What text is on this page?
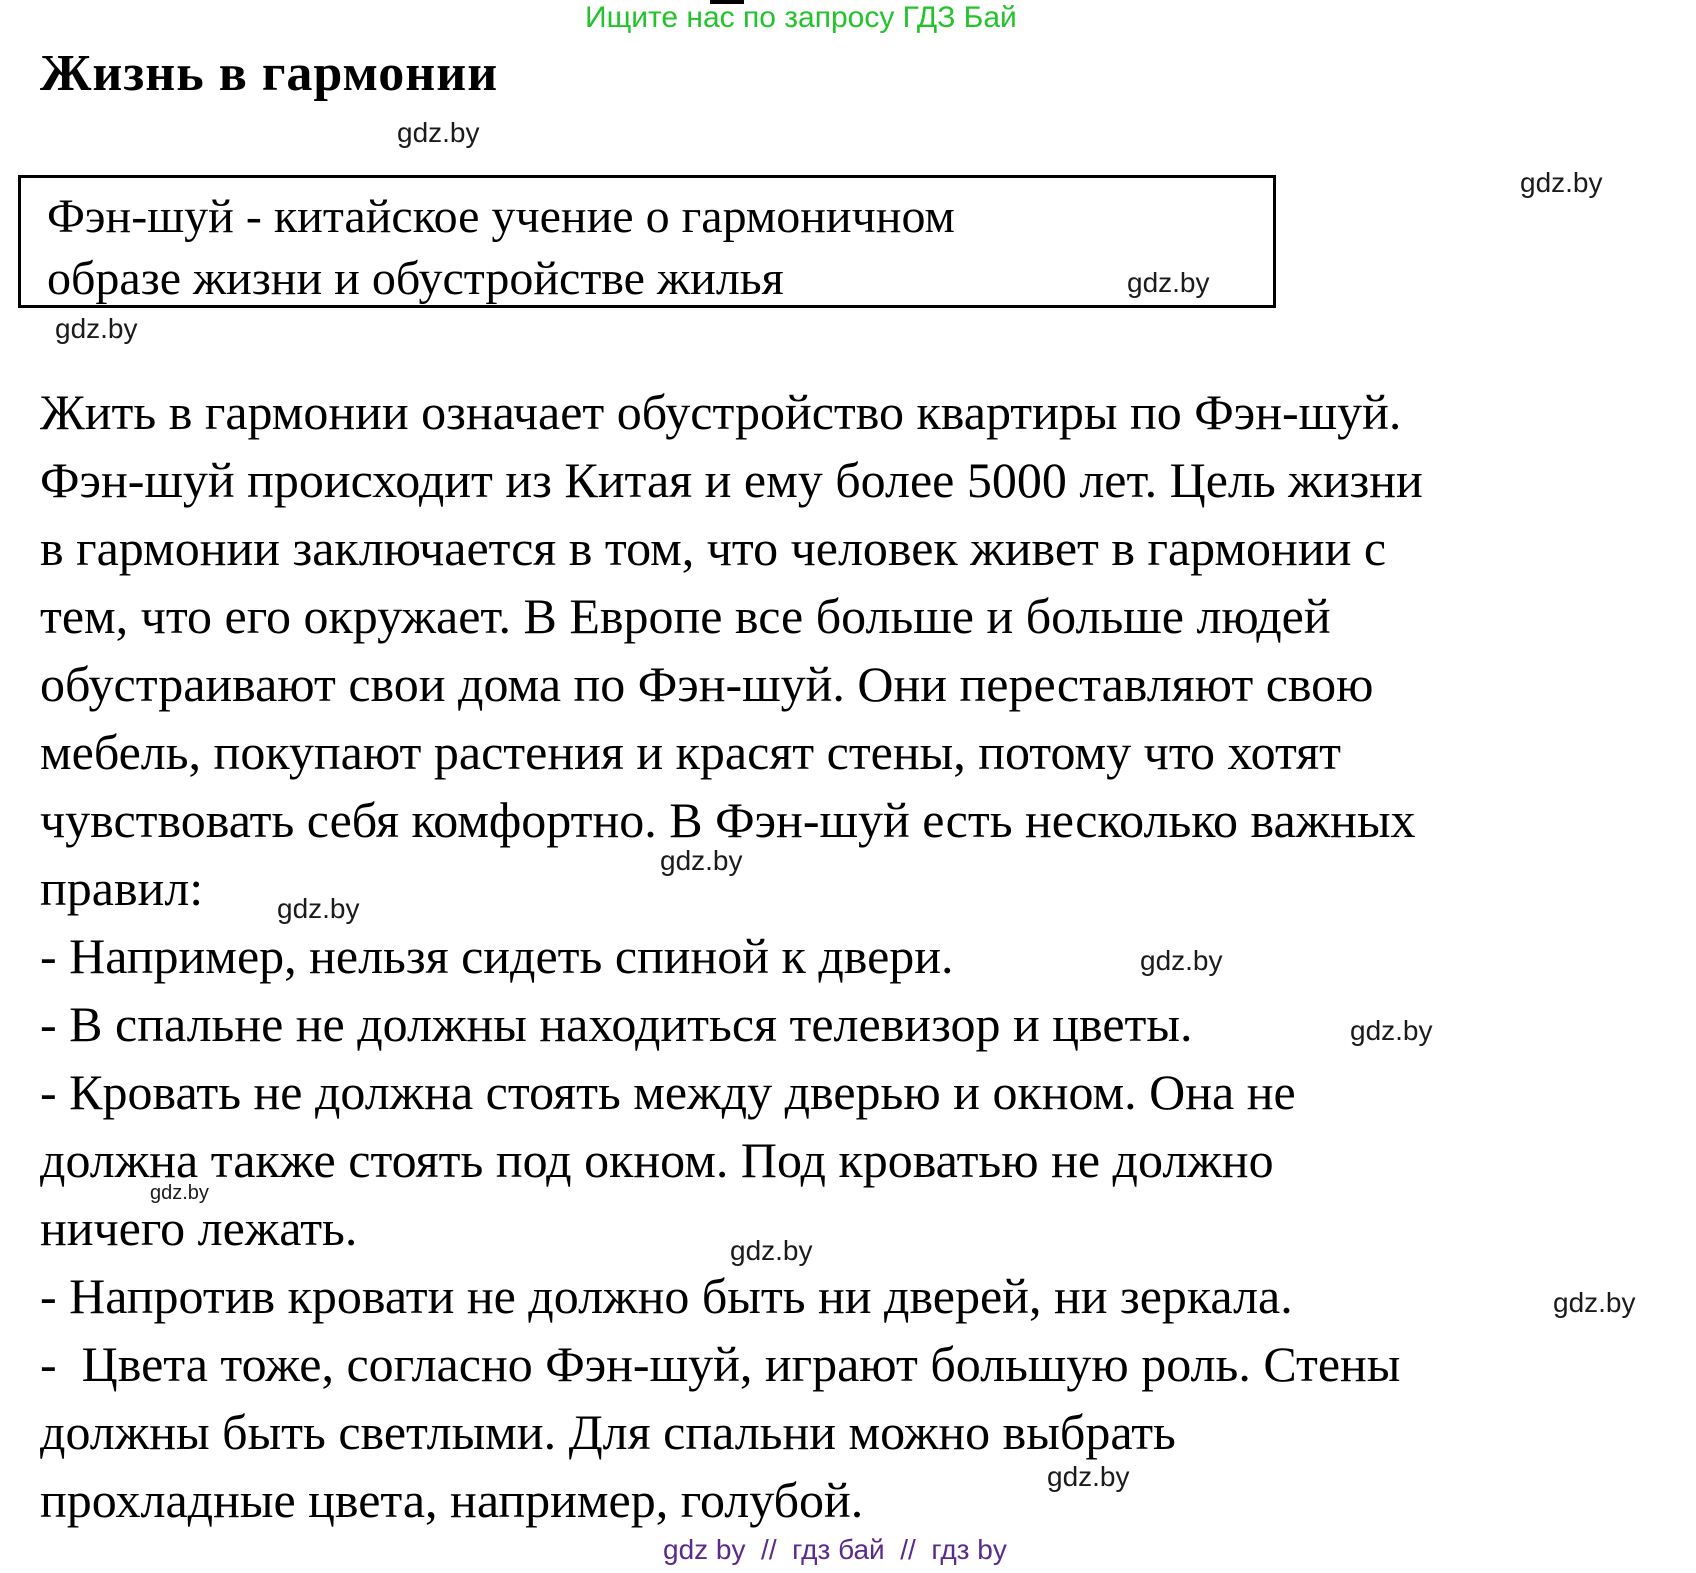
Ищите нас по запросу ГДЗ Бай
Жизнь в гармонии
gdz.by
gdz.by
Фэн-шуй - китайское учение о гармоничном
образе жизни и обустройстве жилья	gdz.by
gdz.by
Жить в гармонии означает обустройство квартиры по Фэн-шуй.
Фэн-шуй происходит из Китая и ему более 5000 лет. Цель жизни
в гармонии заключается в том, что человек живет в гармонии с
тем, что его окружает. В Европе все больше и больше людей
обустраивают свои дома по Фэн-шуй. Они переставляют свою
мебель, покупают растения и красят стены, потому что хотят
чувствовать себя комфортно. В Фэн-шуй есть несколько важных
правил:
- Например, нельзя сидеть спиной к двери.
- В спальне не должны находиться телевизор и цветы.
- Кровать не должна стоять между дверью и окном. Она не
должна также стоять под окном. Под кроватью не должно
ничего лежать.
- Напротив кровати не должно быть ни дверей, ни зеркала.
-  Цвета тоже, согласно Фэн-шуй, играют большую роль. Стены
должны быть светлыми. Для спальни можно выбрать
прохладные цвета, например, голубой.
gdz.by
gdz.by
gdz.by
gdz.by
gdz.by
gdz.by
gdz.by
gdz.by
gdz by  //  гдз бай  //  гдз by
